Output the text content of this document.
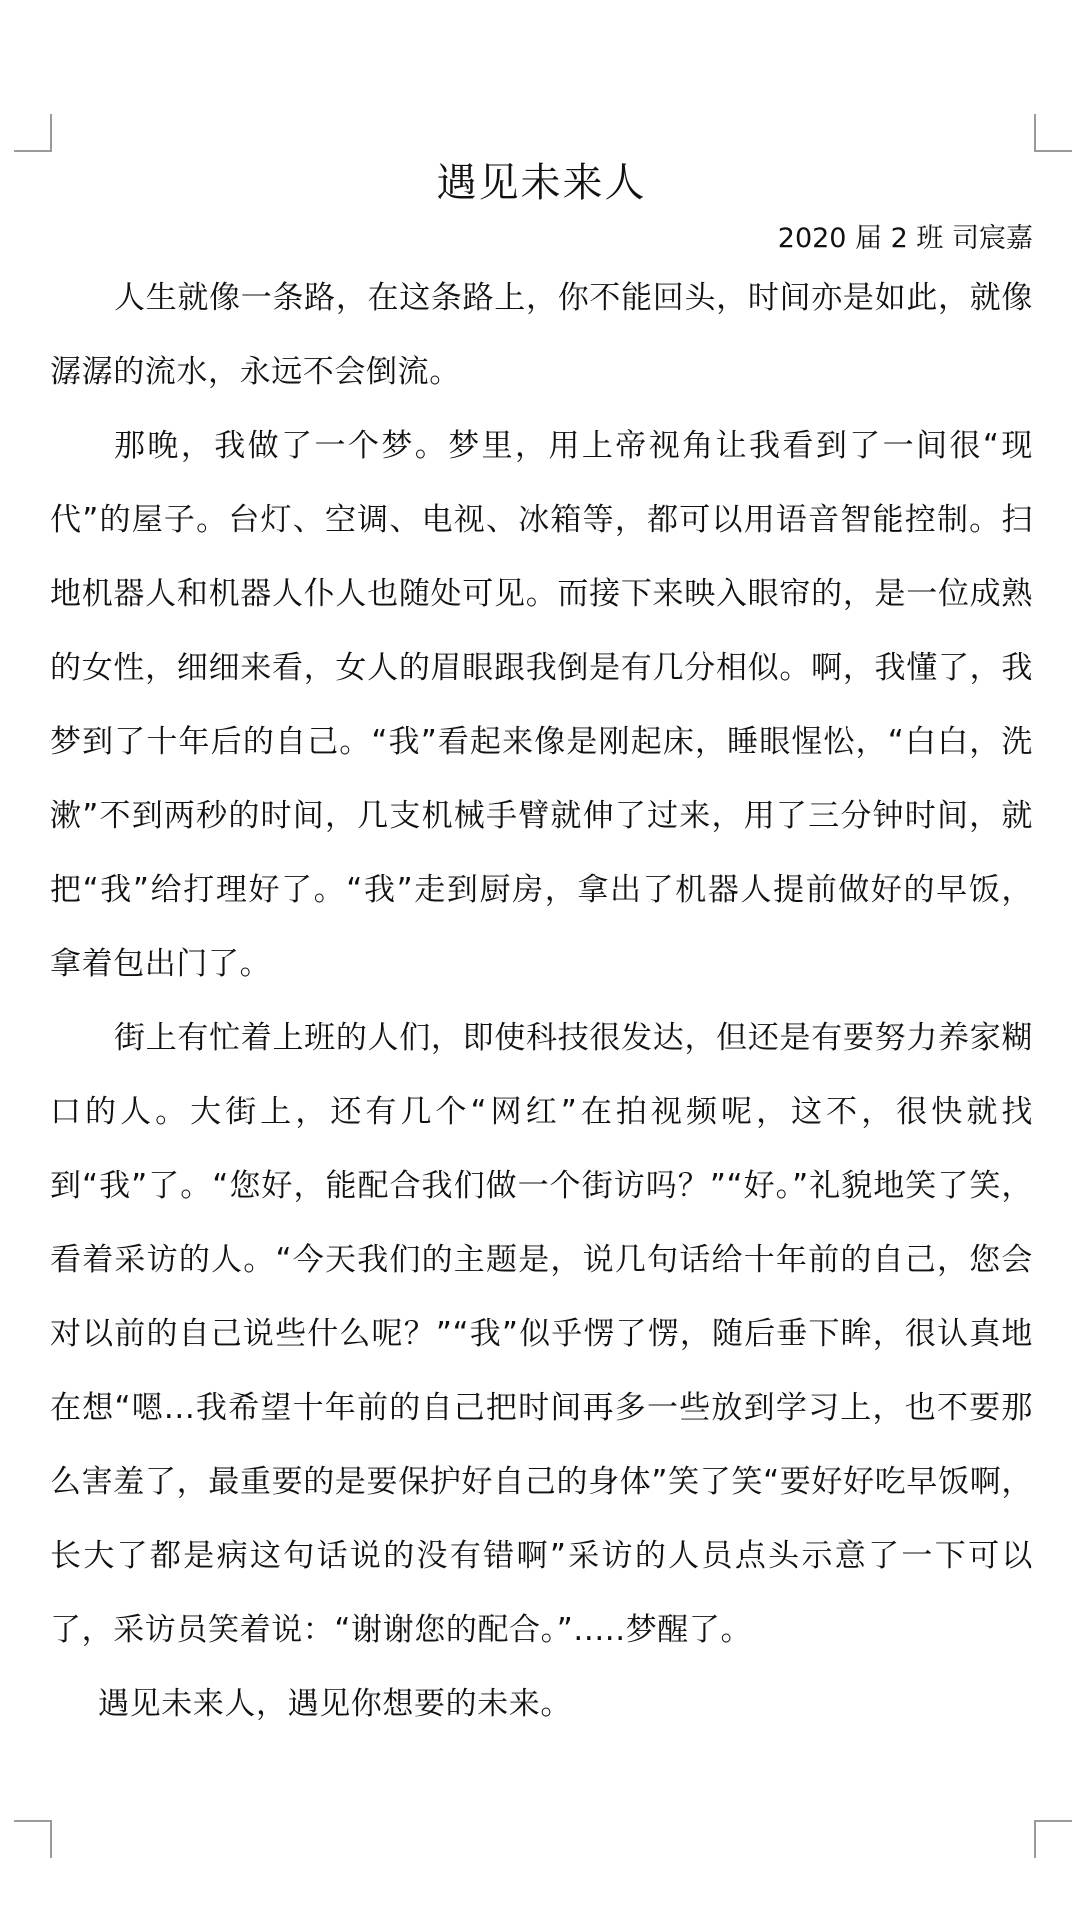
遇见未来人
2020 届 2 班 司宸嘉

人生就像一条路，在这条路上，你不能回头，时间亦是如此，就像潺潺的流水，永远不会倒流。

那晚，我做了一个梦。梦里，用上帝视角让我看到了一间很“现代”的屋子。台灯、空调、电视、冰箱等，都可以用语音智能控制。扫地机器人和机器人仆人也随处可见。而接下来映入眼帘的，是一位成熟的女性，细细来看，女人的眉眼跟我倒是有几分相似。啊，我懂了，我梦到了十年后的自己。“我”看起来像是刚起床，睡眼惺忪，“白白，洗漱”不到两秒的时间，几支机械手臂就伸了过来，用了三分钟时间，就把“我”给打理好了。“我”走到厨房，拿出了机器人提前做好的早饭，拿着包出门了。

街上有忙着上班的人们，即使科技很发达，但还是有要努力养家糊口的人。大街上，还有几个“网红”在拍视频呢，这不，很快就找到“我”了。“您好，能配合我们做一个街访吗？”“好。”礼貌地笑了笑，看着采访的人。“今天我们的主题是，说几句话给十年前的自己，您会对以前的自己说些什么呢？”“我”似乎愣了愣，随后垂下眸，很认真地在想“嗯...我希望十年前的自己把时间再多一些放到学习上，也不要那么害羞了，最重要的是要保护好自己的身体”笑了笑“要好好吃早饭啊，长大了都是病这句话说的没有错啊”采访的人员点头示意了一下可以了，采访员笑着说：“谢谢您的配合。”.....梦醒了。

遇见未来人，遇见你想要的未来。
